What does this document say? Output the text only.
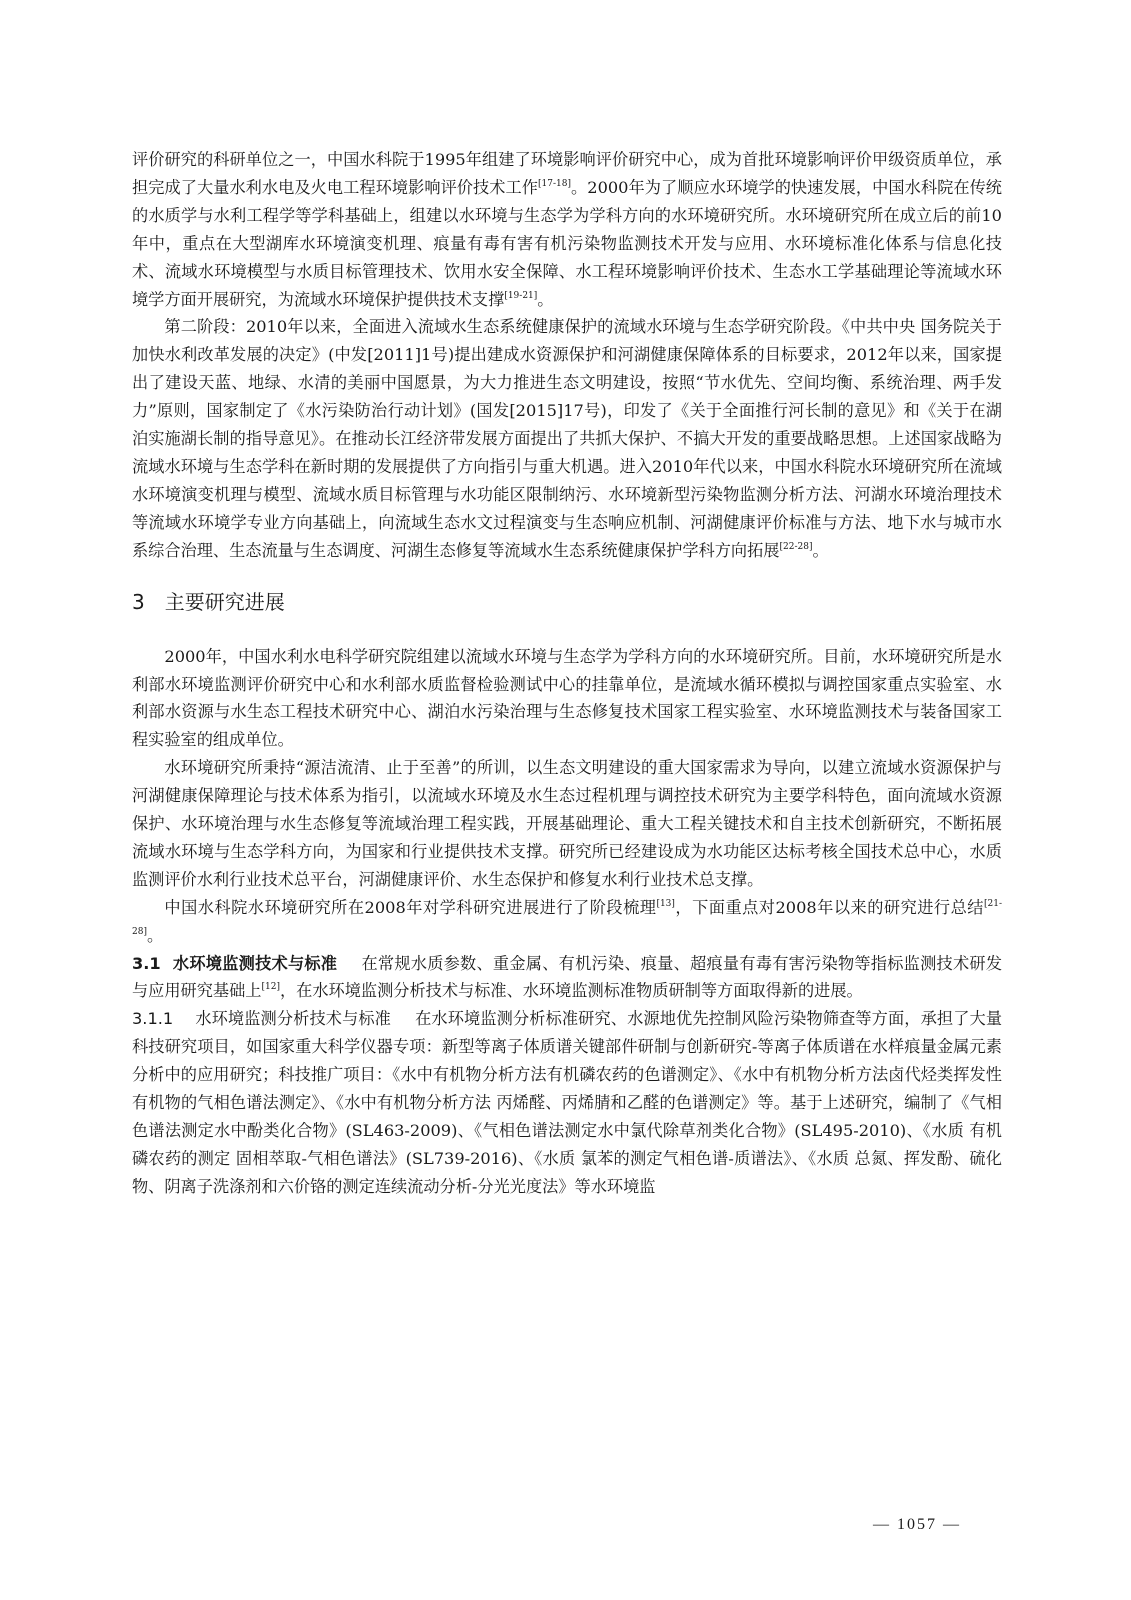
评价研究的科研单位之一，中国水科院于1995年组建了环境影响评价研究中心，成为首批环境影响评价甲级资质单位，承担完成了大量水利水电及火电工程环境影响评价技术工作[17-18]。2000年为了顺应水环境学的快速发展，中国水科院在传统的水质学与水利工程学等学科基础上，组建以水环境与生态学为学科方向的水环境研究所。水环境研究所在成立后的前10年中，重点在大型湖库水环境演变机理、痕量有毒有害有机污染物监测技术开发与应用、水环境标准化体系与信息化技术、流域水环境模型与水质目标管理技术、饮用水安全保障、水工程环境影响评价技术、生态水工学基础理论等流域水环境学方面开展研究，为流域水环境保护提供技术支撑[19-21]。

第二阶段：2010年以来，全面进入流域水生态系统健康保护的流域水环境与生态学研究阶段。《中共中央 国务院关于加快水利改革发展的决定》(中发[2011]1号)提出建成水资源保护和河湖健康保障体系的目标要求，2012年以来，国家提出了建设天蓝、地绿、水清的美丽中国愿景，为大力推进生态文明建设，按照“节水优先、空间均衡、系统治理、两手发力”原则，国家制定了《水污染防治行动计划》(国发[2015]17号)，印发了《关于全面推行河长制的意见》和《关于在湖泊实施湖长制的指导意见》。在推动长江经济带发展方面提出了共抓大保护、不搞大开发的重要战略思想。上述国家战略为流域水环境与生态学科在新时期的发展提供了方向指引与重大机遇。进入2010年代以来，中国水科院水环境研究所在流域水环境演变机理与模型、流域水质目标管理与水功能区限制纳污、水环境新型污染物监测分析方法、河湖水环境治理技术等流域水环境学专业方向基础上，向流域生态水文过程演变与生态响应机制、河湖健康评价标准与方法、地下水与城市水系综合治理、生态流量与生态调度、河湖生态修复等流域水生态系统健康保护学科方向拓展[22-28]。

3 主要研究进展

2000年，中国水利水电科学研究院组建以流域水环境与生态学为学科方向的水环境研究所。目前，水环境研究所是水利部水环境监测评价研究中心和水利部水质监督检验测试中心的挂靠单位，是流域水循环模拟与调控国家重点实验室、水利部水资源与水生态工程技术研究中心、湖泊水污染治理与生态修复技术国家工程实验室、水环境监测技术与装备国家工程实验室的组成单位。

水环境研究所秉持“源洁流清、止于至善”的所训，以生态文明建设的重大国家需求为导向，以建立流域水资源保护与河湖健康保障理论与技术体系为指引，以流域水环境及水生态过程机理与调控技术研究为主要学科特色，面向流域水资源保护、水环境治理与水生态修复等流域治理工程实践，开展基础理论、重大工程关键技术和自主技术创新研究，不断拓展流域水环境与生态学科方向，为国家和行业提供技术支撑。研究所已经建设成为水功能区达标考核全国技术总中心，水质监测评价水利行业技术总平台，河湖健康评价、水生态保护和修复水利行业技术总支撑。

中国水科院水环境研究所在2008年对学科研究进展进行了阶段梳理[13]，下面重点对2008年以来的研究进行总结[21-28]。

3.1 水环境监测技术与标准 在常规水质参数、重金属、有机污染、痕量、超痕量有毒有害污染物等指标监测技术研发与应用研究基础上[12]，在水环境监测分析技术与标准、水环境监测标准物质研制等方面取得新的进展。

3.1.1 水环境监测分析技术与标准 在水环境监测分析标准研究、水源地优先控制风险污染物筛查等方面，承担了大量科技研究项目，如国家重大科学仪器专项：新型等离子体质谱关键部件研制与创新研究-等离子体质谱在水样痕量金属元素分析中的应用研究；科技推广项目：《水中有机物分析方法有机磷农药的色谱测定》、《水中有机物分析方法卤代烃类挥发性有机物的气相色谱法测定》、《水中有机物分析方法 丙烯醛、丙烯腈和乙醛的色谱测定》等。基于上述研究，编制了《气相色谱法测定水中酚类化合物》(SL463-2009)、《气相色谱法测定水中氯代除草剂类化合物》(SL495-2010)、《水质 有机磷农药的测定 固相萃取-气相色谱法》(SL739-2016)、《水质 氯苯的测定气相色谱-质谱法》、《水质 总氮、挥发酚、硫化物、阴离子洗涤剂和六价铬的测定连续流动分析-分光光度法》等水环境监

— 1057 —
